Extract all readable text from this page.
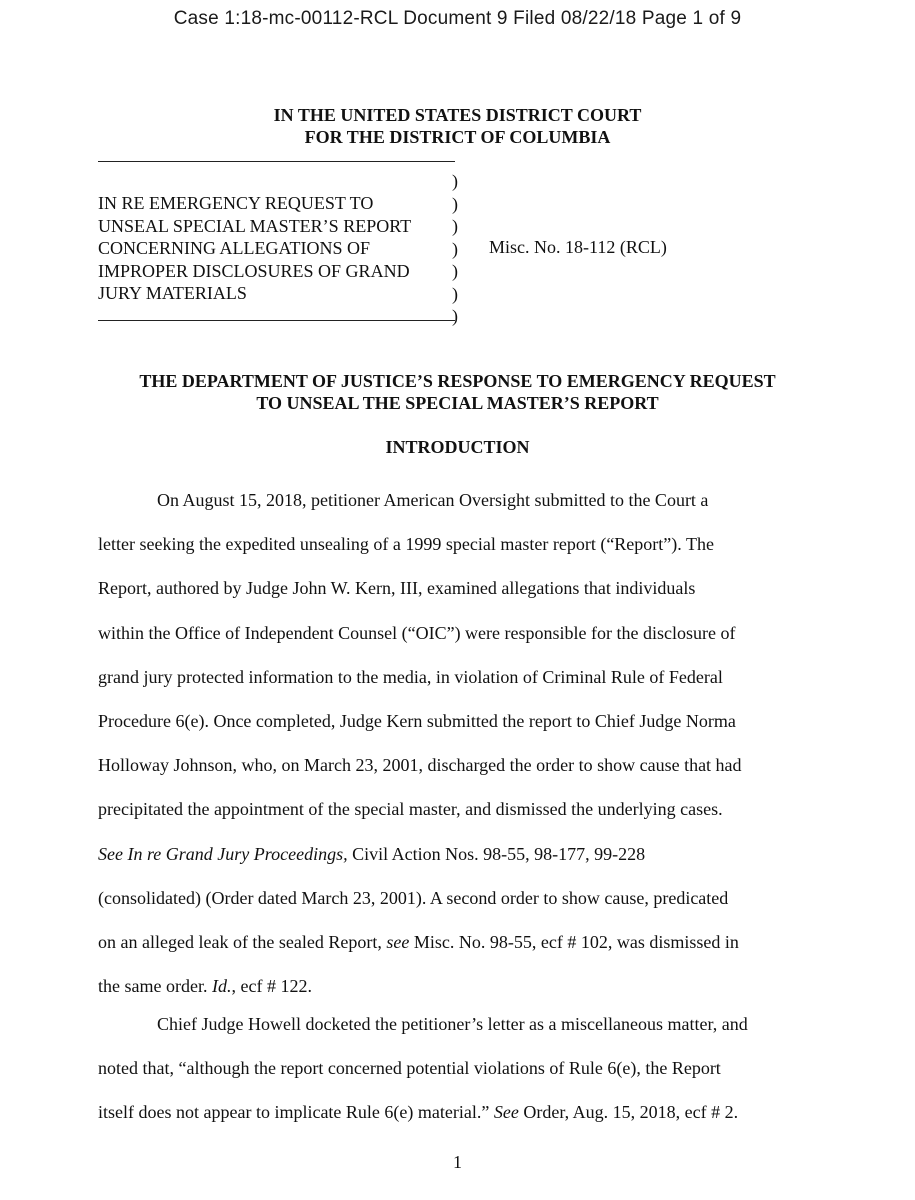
Case 1:18-mc-00112-RCL Document 9 Filed 08/22/18 Page 1 of 9
IN THE UNITED STATES DISTRICT COURT
FOR THE DISTRICT OF COLUMBIA
IN RE EMERGENCY REQUEST TO
UNSEAL SPECIAL MASTER’S REPORT
CONCERNING ALLEGATIONS OF
IMPROPER DISCLOSURES OF GRAND
JURY MATERIALS
)
)
)
)
)
)
)
Misc. No. 18-112 (RCL)
THE DEPARTMENT OF JUSTICE’S RESPONSE TO EMERGENCY REQUEST
TO UNSEAL THE SPECIAL MASTER’S REPORT
INTRODUCTION
On August 15, 2018, petitioner American Oversight submitted to the Court a
letter seeking the expedited unsealing of a 1999 special master report (“Report”). The
Report, authored by Judge John W. Kern, III, examined allegations that individuals
within the Office of Independent Counsel (“OIC”) were responsible for the disclosure of
grand jury protected information to the media, in violation of Criminal Rule of Federal
Procedure 6(e). Once completed, Judge Kern submitted the report to Chief Judge Norma
Holloway Johnson, who, on March 23, 2001, discharged the order to show cause that had
precipitated the appointment of the special master, and dismissed the underlying cases.
See In re Grand Jury Proceedings, Civil Action Nos. 98-55, 98-177, 99-228
(consolidated) (Order dated March 23, 2001). A second order to show cause, predicated
on an alleged leak of the sealed Report, see Misc. No. 98-55, ecf # 102, was dismissed in
the same order. Id., ecf # 122.
Chief Judge Howell docketed the petitioner’s letter as a miscellaneous matter, and
noted that, “although the report concerned potential violations of Rule 6(e), the Report
itself does not appear to implicate Rule 6(e) material.” See Order, Aug. 15, 2018, ecf # 2.
1
